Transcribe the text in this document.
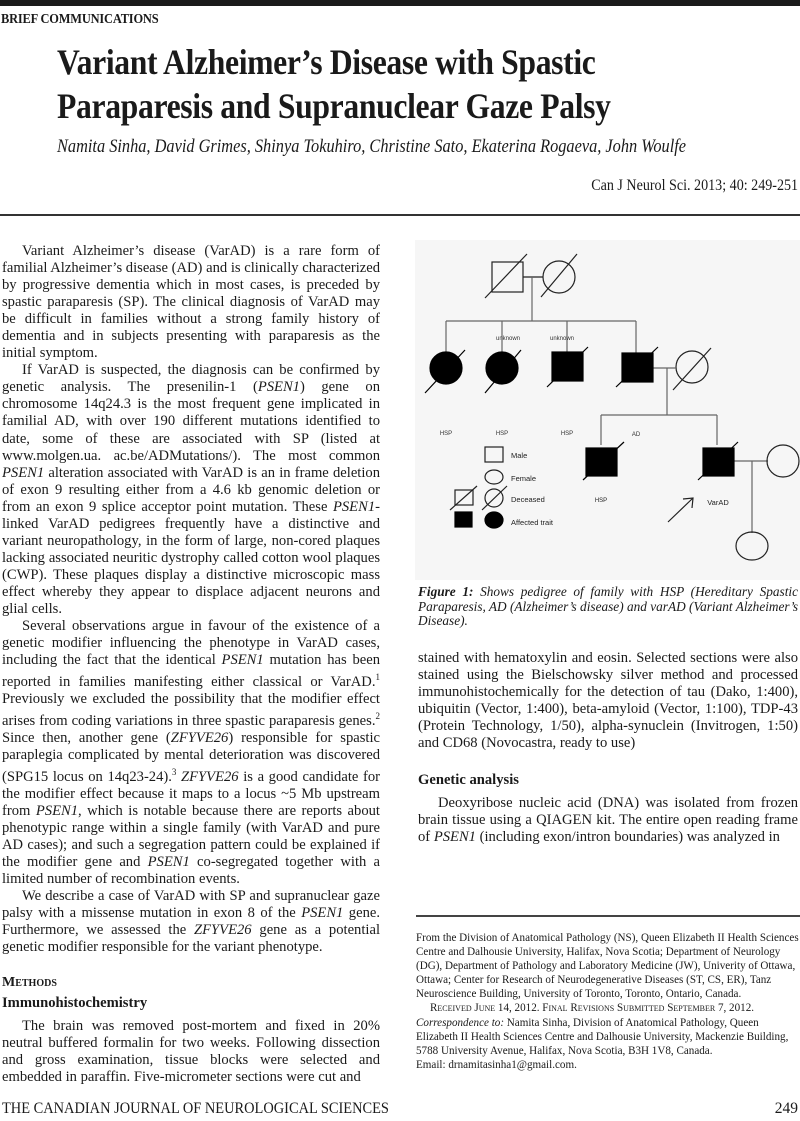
BRIEF COMMUNICATIONS
Variant Alzheimer’s Disease with Spastic Paraparesis and Supranuclear Gaze Palsy
Namita Sinha, David Grimes, Shinya Tokuhiro, Christine Sato, Ekaterina Rogaeva, John Woulfe
Can J Neurol Sci. 2013; 40: 249-251

Variant Alzheimer’s disease (VarAD) is a rare form of familial Alzheimer’s disease (AD) and is clinically characterized by progressive dementia which in most cases, is preceded by spastic paraparesis (SP). The clinical diagnosis of VarAD may be difficult in families without a strong family history of dementia and in subjects presenting with paraparesis as the initial symptom.

If VarAD is suspected, the diagnosis can be confirmed by genetic analysis. The presenilin-1 (PSEN1) gene on chromosome 14q24.3 is the most frequent gene implicated in familial AD, with over 190 different mutations identified to date, some of these are associated with SP (listed at www.molgen.ua. ac.be/ADMutations/). The most common PSEN1 alteration associated with VarAD is an in frame deletion of exon 9 resulting either from a 4.6 kb genomic deletion or from an exon 9 splice acceptor point mutation. These PSEN1-linked VarAD pedigrees frequently have a distinctive and variant neuropathology, in the form of large, non-cored plaques lacking associated neuritic dystrophy called cotton wool plaques (CWP). These plaques display a distinctive microscopic mass effect whereby they appear to displace adjacent neurons and glial cells.

Several observations argue in favour of the existence of a genetic modifier influencing the phenotype in VarAD cases, including the fact that the identical PSEN1 mutation has been reported in families manifesting either classical or VarAD.$^1$ Previously we excluded the possibility that the modifier effect arises from coding variations in three spastic paraparesis genes.$^2$ Since then, another gene (ZFYVE26) responsible for spastic paraplegia complicated by mental deterioration was discovered (SPG15 locus on 14q23-24).$^3$ ZFYVE26 is a good candidate for the modifier effect because it maps to a locus ~5 Mb upstream from PSEN1, which is notable because there are reports about phenotypic range within a single family (with VarAD and pure AD cases); and such a segregation pattern could be explained if the modifier gene and PSEN1 co-segregated together with a limited number of recombination events.

We describe a case of VarAD with SP and supranuclear gaze palsy with a missense mutation in exon 8 of the PSEN1 gene. Furthermore, we assessed the ZFYVE26 gene as a potential genetic modifier responsible for the variant phenotype.

Methods

Immunohistochemistry

The brain was removed post-mortem and fixed in 20% neutral buffered formalin for two weeks. Following dissection and gross examination, tissue blocks were selected and embedded in paraffin. Five-micrometer sections were cut and

unknown	unknown
HSP	HSP	HSP	AD
HSP	VarAD
Male
Female
Deceased
Affected trait
Figure 1: Shows pedigree of family with HSP (Hereditary Spastic Paraparesis, AD (Alzheimer’s disease) and varAD (Variant Alzheimer’s Disease).

stained with hematoxylin and eosin. Selected sections were also stained using the Bielschowsky silver method and processed immunohistochemically for the detection of tau (Dako, 1:400), ubiquitin (Vector, 1:400), beta-amyloid (Vector, 1:100), TDP-43 (Protein Technology, 1/50), alpha-synuclein (Invitrogen, 1:50) and CD68 (Novocastra, ready to use)

Genetic analysis

Deoxyribose nucleic acid (DNA) was isolated from frozen brain tissue using a QIAGEN kit. The entire open reading frame of PSEN1 (including exon/intron boundaries) was analyzed in

From the Division of Anatomical Pathology (NS), Queen Elizabeth II Health Sciences Centre and Dalhousie University, Halifax, Nova Scotia; Department of Neurology (DG), Department of Pathology and Laboratory Medicine (JW), Univerity of Ottawa, Ottawa; Center for Research of Neurodegenerative Diseases (ST, CS, ER), Tanz Neuroscience Building, University of Toronto, Toronto, Ontario, Canada.

Received June 14, 2012. Final Revisions Submitted September 7, 2012.

Correspondence to: Namita Sinha, Division of Anatomical Pathology, Queen Elizabeth II Health Sciences Centre and Dalhousie University, Mackenzie Building, 5788 University Avenue, Halifax, Nova Scotia, B3H 1V8, Canada.

Email: drnamitasinha1@gmail.com.

THE CANADIAN JOURNAL OF NEUROLOGICAL SCIENCES	249
